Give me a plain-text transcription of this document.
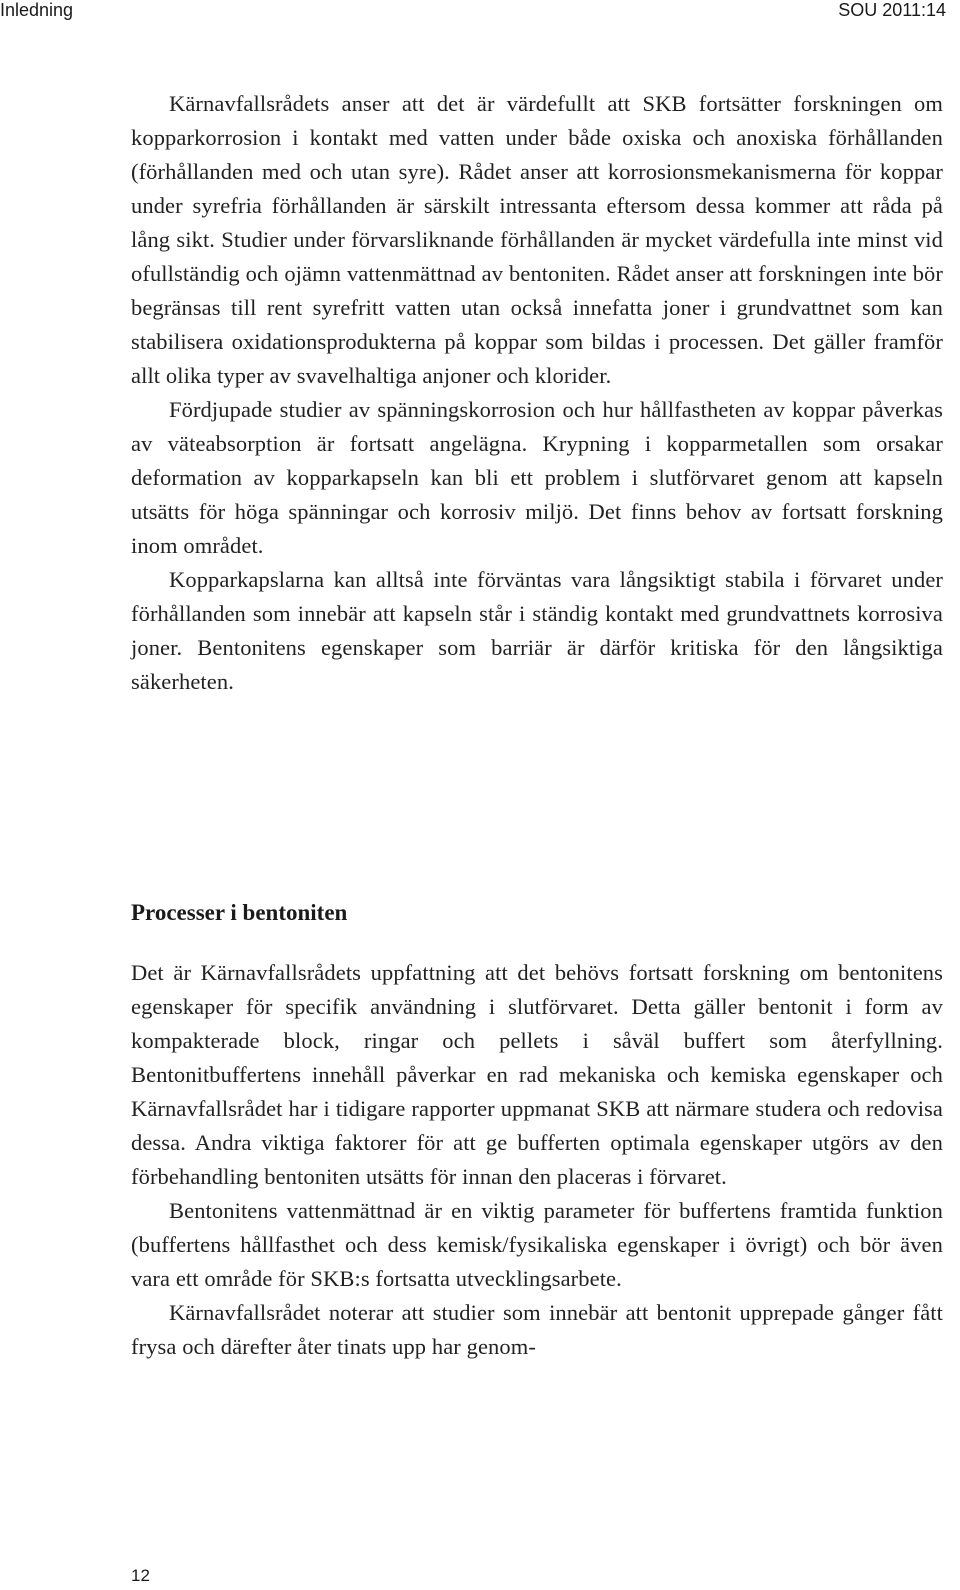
Inledning	SOU 2011:14

Kärnavfallsrådets anser att det är värdefullt att SKB fortsätter forskningen om kopparkorrosion i kontakt med vatten under både oxiska och anoxiska förhållanden (förhållanden med och utan syre). Rådet anser att korrosionsmekanismerna för koppar under syrefria förhållanden är särskilt intressanta eftersom dessa kommer att råda på lång sikt. Studier under förvarsliknande förhållanden är mycket värdefulla inte minst vid ofullständig och ojämn vattenmättnad av bentoniten. Rådet anser att forskningen inte bör begränsas till rent syrefritt vatten utan också innefatta joner i grundvattnet som kan stabilisera oxidationsprodukterna på koppar som bildas i processen. Det gäller framför allt olika typer av svavelhaltiga anjoner och klorider.

Fördjupade studier av spänningskorrosion och hur hållfastheten av koppar påverkas av väteabsorption är fortsatt angelägna. Krypning i kopparmetallen som orsakar deformation av kopparkapseln kan bli ett problem i slutförvaret genom att kapseln utsätts för höga spänningar och korrosiv miljö. Det finns behov av fortsatt forskning inom området.

Kopparkapslarna kan alltså inte förväntas vara långsiktigt stabila i förvaret under förhållanden som innebär att kapseln står i ständig kontakt med grundvattnets korrosiva joner. Bentonitens egenskaper som barriär är därför kritiska för den långsiktiga säkerheten.

Processer i bentoniten

Det är Kärnavfallsrådets uppfattning att det behövs fortsatt forskning om bentonitens egenskaper för specifik användning i slutförvaret. Detta gäller bentonit i form av kompakterade block, ringar och pellets i såväl buffert som återfyllning. Bentonitbuffertens innehåll påverkar en rad mekaniska och kemiska egenskaper och Kärnavfallsrådet har i tidigare rapporter uppmanat SKB att närmare studera och redovisa dessa. Andra viktiga faktorer för att ge bufferten optimala egenskaper utgörs av den förbehandling bentoniten utsätts för innan den placeras i förvaret.

Bentonitens vattenmättnad är en viktig parameter för buffertens framtida funktion (buffertens hållfasthet och dess kemisk/fysikaliska egenskaper i övrigt) och bör även vara ett område för SKB:s fortsatta utvecklingsarbete.

Kärnavfallsrådet noterar att studier som innebär att bentonit upprepade gånger fått frysa och därefter åter tinats upp har genom-

12
